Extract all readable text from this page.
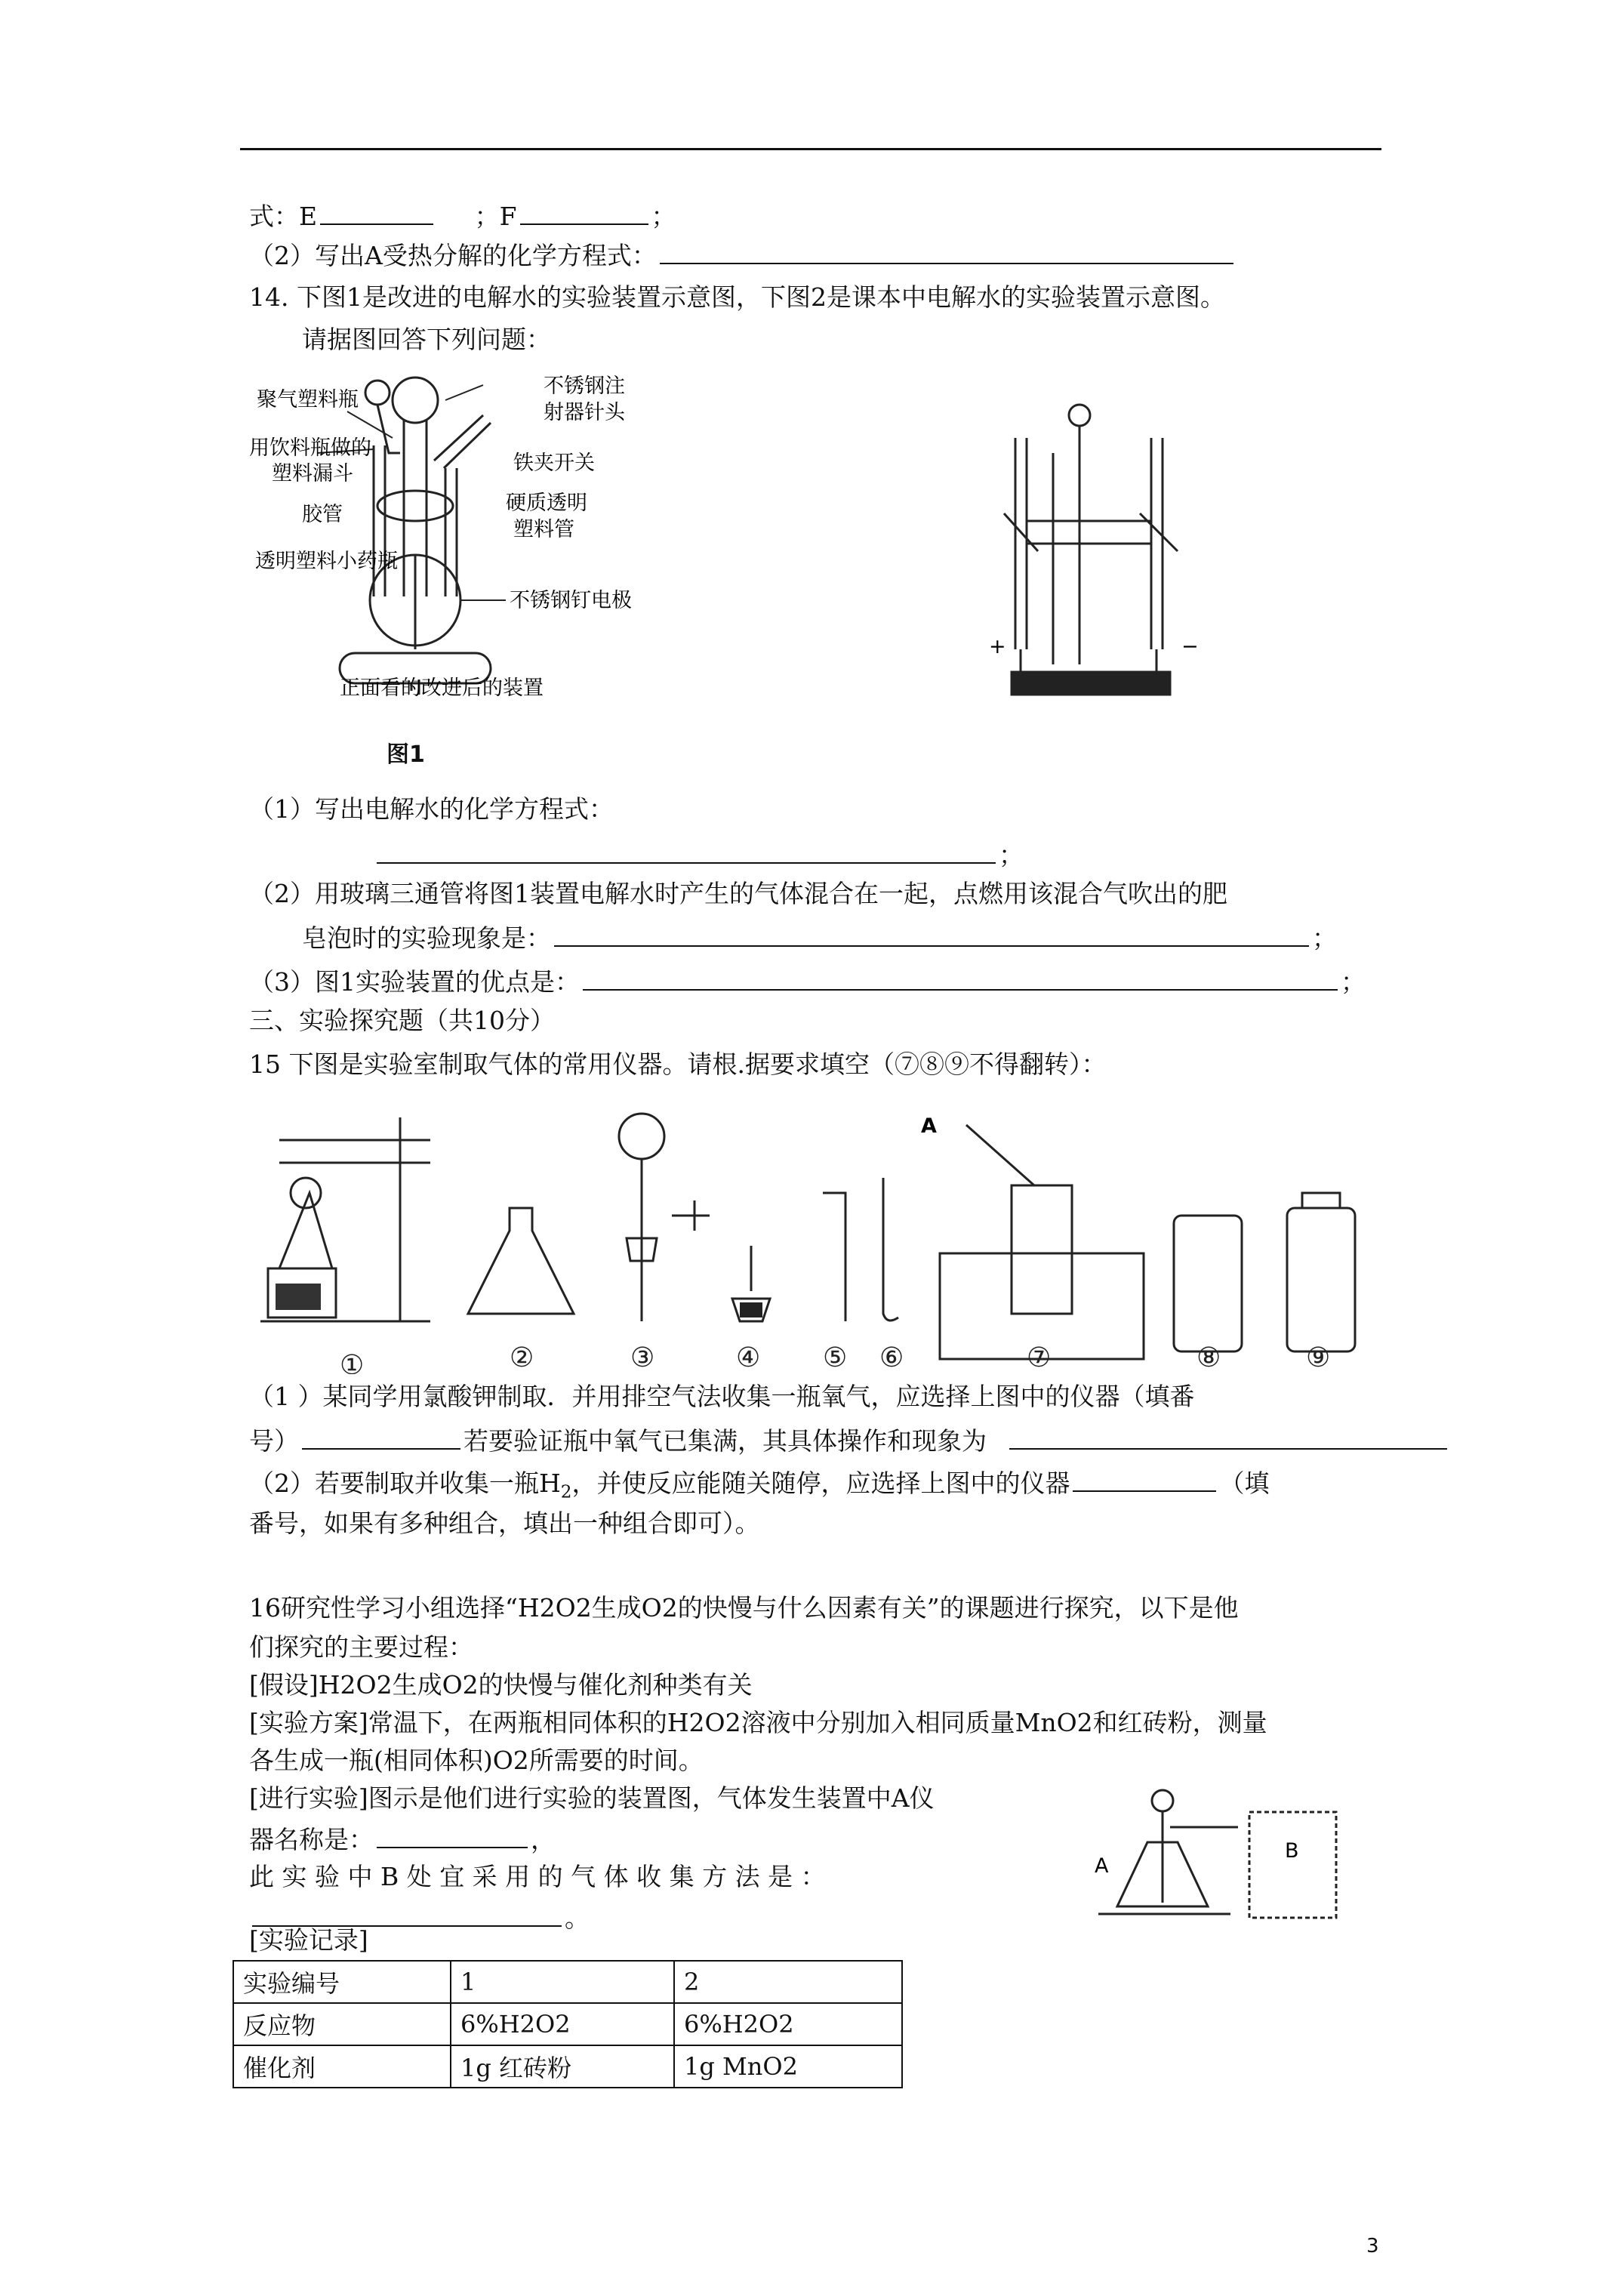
式：E	；F	；
（2）写出A受热分解的化学方程式：
14. 下图1是改进的电解水的实验装置示意图，下图2是课本中电解水的实验装置示意图。
请据图回答下列问题：
聚气塑料瓶
不锈钢注
射器针头
用饮料瓶做的
塑料漏斗	铁夹开关
胶管	硬质透明
塑料管
透明塑料小药瓶
不锈钢钉电极
正面看的改进后的装置
图1
+	−
（1）写出电解水的化学方程式：
；
（2）用玻璃三通管将图1装置电解水时产生的气体混合在一起，点燃用该混合气吹出的肥
皂泡时的实验现象是：	；
（3）图1实验装置的优点是：	；
三、实验探究题（共10分）
15 下图是实验室制取气体的常用仪器。请根.据要求填空（⑦⑧⑨不得翻转）：
A
①	②	③	④ ⑤ ⑥	⑦	⑧	⑨
（1 ）某同学用氯酸钾制取．并用排空气法收集一瓶氧气，应选择上图中的仪器（填番
号）	若要验证瓶中氧气已集满，其具体操作和现象为
（2）若要制取并收集一瓶$H_2$，并使反应能随关随停，应选择上图中的仪器	（填
番号，如果有多种组合，填出一种组合即可）。
16研究性学习小组选择“H2O2生成O2的快慢与什么因素有关”的课题进行探究，以下是他
们探究的主要过程：
[假设]H2O2生成O2的快慢与催化剂种类有关
[实验方案]常温下，在两瓶相同体积的H2O2溶液中分别加入相同质量MnO2和红砖粉，测量
各生成一瓶(相同体积)O2所需要的时间。
[进行实验]图示是他们进行实验的装置图，气体发生装置中A仪
器名称是：	，
此 实 验 中 B 处 宜 采 用 的 气 体 收 集 方 法 是 ：
。
A
B
[实验记录]
实验编号	1	2
反应物	6%H2O2	6%H2O2
催化剂	1g 红砖粉	1g MnO2
3
